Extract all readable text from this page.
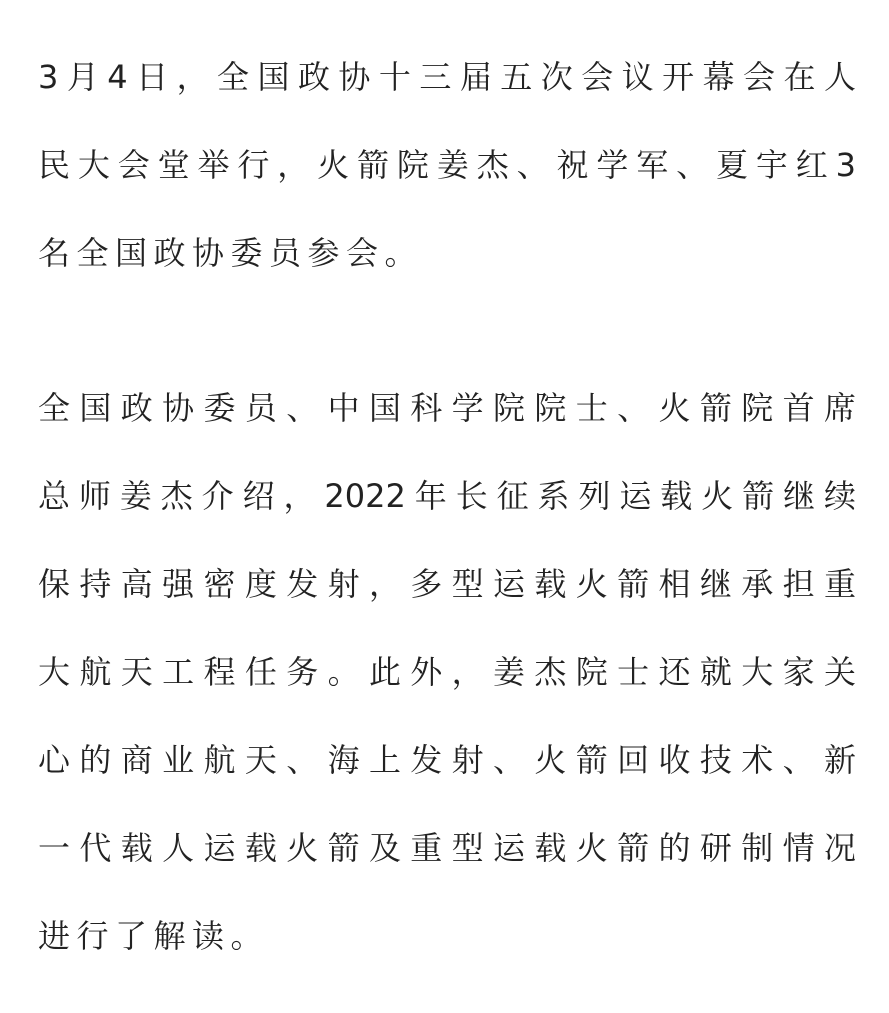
3月4日，全国政协十三届五次会议开幕会在人
民大会堂举行，火箭院姜杰、祝学军、夏宇红3
名全国政协委员参会。
全国政协委员、中国科学院院士、火箭院首席
总师姜杰介绍，2022年长征系列运载火箭继续
保持高强密度发射，多型运载火箭相继承担重
大航天工程任务。此外，姜杰院士还就大家关
心的商业航天、海上发射、火箭回收技术、新
一代载人运载火箭及重型运载火箭的研制情况
进行了解读。
